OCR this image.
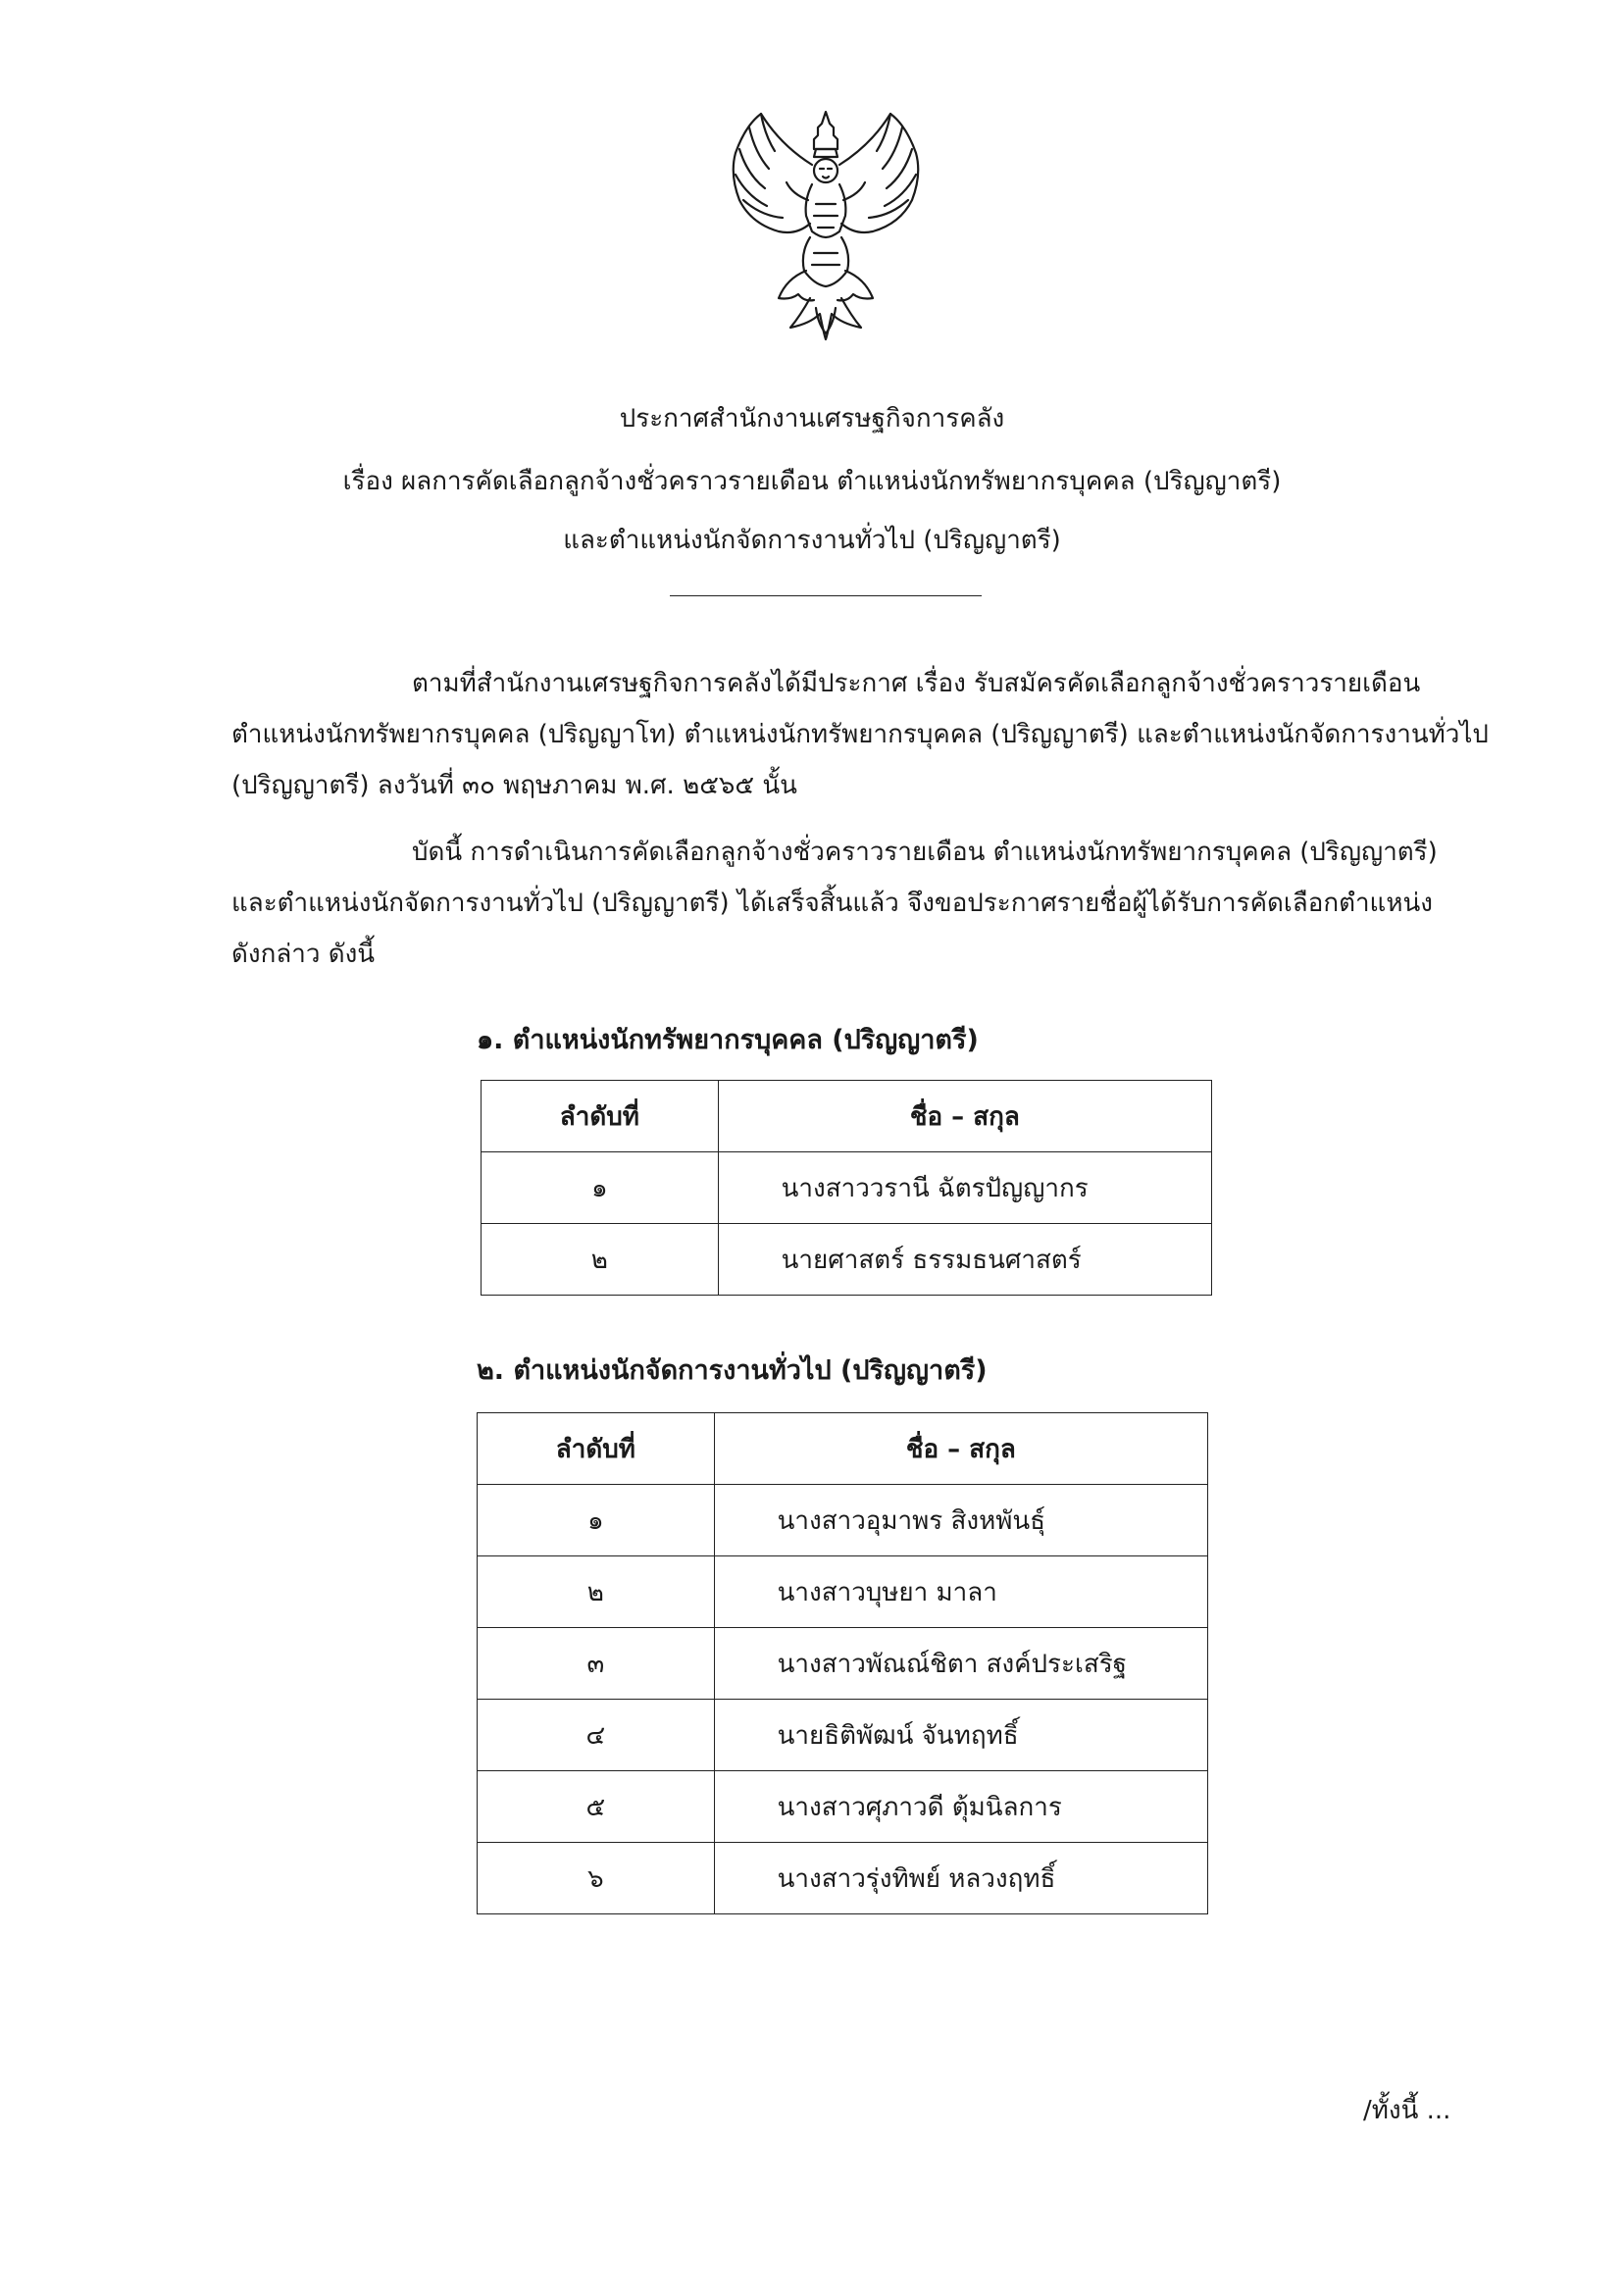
ประกาศสำนักงานเศรษฐกิจการคลัง
เรื่อง ผลการคัดเลือกลูกจ้างชั่วคราวรายเดือน ตำแหน่งนักทรัพยากรบุคคล (ปริญญาตรี)
และตำแหน่งนักจัดการงานทั่วไป (ปริญญาตรี)
ตามที่สำนักงานเศรษฐกิจการคลังได้มีประกาศ เรื่อง รับสมัครคัดเลือกลูกจ้างชั่วคราวรายเดือน
ตำแหน่งนักทรัพยากรบุคคล (ปริญญาโท) ตำแหน่งนักทรัพยากรบุคคล (ปริญญาตรี) และตำแหน่งนักจัดการงานทั่วไป
(ปริญญาตรี) ลงวันที่ ๓๐ พฤษภาคม พ.ศ. ๒๕๖๕ นั้น
บัดนี้ การดำเนินการคัดเลือกลูกจ้างชั่วคราวรายเดือน ตำแหน่งนักทรัพยากรบุคคล (ปริญญาตรี)
และตำแหน่งนักจัดการงานทั่วไป (ปริญญาตรี) ได้เสร็จสิ้นแล้ว จึงขอประกาศรายชื่อผู้ได้รับการคัดเลือกตำแหน่ง
ดังกล่าว ดังนี้
๑. ตำแหน่งนักทรัพยากรบุคคล (ปริญญาตรี)
ลำดับที่	ชื่อ – สกุล
๑	นางสาววรานี ฉัตรปัญญากร
๒	นายศาสตร์ ธรรมธนศาสตร์
๒. ตำแหน่งนักจัดการงานทั่วไป (ปริญญาตรี)
ลำดับที่	ชื่อ – สกุล
๑	นางสาวอุมาพร สิงหพันธุ์
๒	นางสาวบุษยา มาลา
๓	นางสาวพัณณ์ชิตา สงค์ประเสริฐ
๔	นายธิติพัฒน์ จันทฤทธิ์
๕	นางสาวศุภาวดี ตุ้มนิลการ
๖	นางสาวรุ่งทิพย์ หลวงฤทธิ์
/ทั้งนี้ ...
